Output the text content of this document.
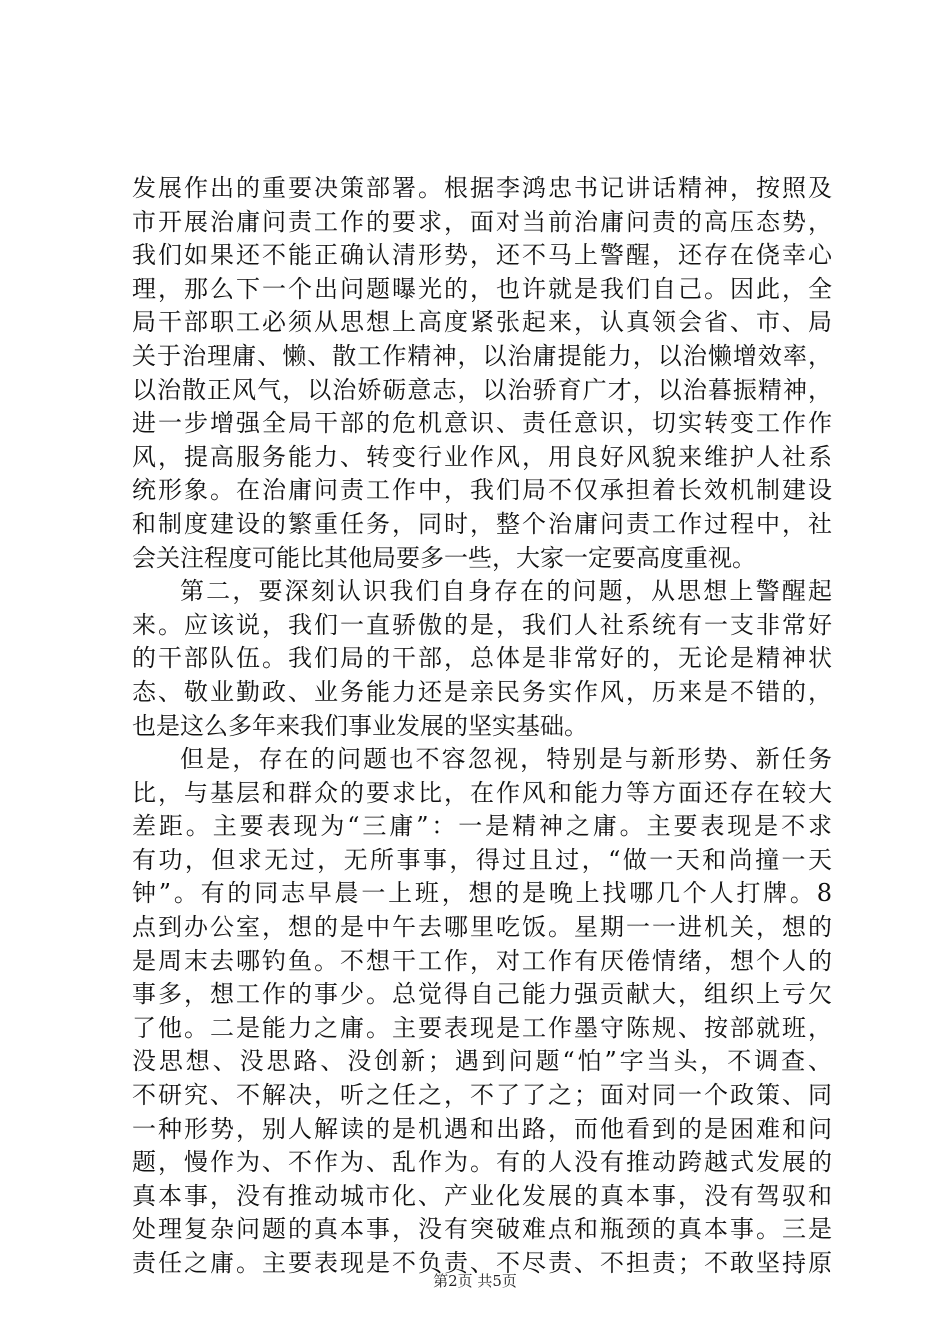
发展作出的重要决策部署。根据李鸿忠书记讲话精神，按照及
市开展治庸问责工作的要求，面对当前治庸问责的高压态势，
我们如果还不能正确认清形势，还不马上警醒，还存在侥幸心
理，那么下一个出问题曝光的，也许就是我们自己。因此，全
局干部职工必须从思想上高度紧张起来，认真领会省、市、局
关于治理庸、懒、散工作精神，以治庸提能力，以治懒增效率，
以治散正风气，以治娇砺意志，以治骄育广才，以治暮振精神，
进一步增强全局干部的危机意识、责任意识，切实转变工作作
风，提高服务能力、转变行业作风，用良好风貌来维护人社系
统形象。在治庸问责工作中，我们局不仅承担着长效机制建设
和制度建设的繁重任务，同时，整个治庸问责工作过程中，社
会关注程度可能比其他局要多一些，大家一定要高度重视。
第二，要深刻认识我们自身存在的问题，从思想上警醒起
来。应该说，我们一直骄傲的是，我们人社系统有一支非常好
的干部队伍。我们局的干部，总体是非常好的，无论是精神状
态、敬业勤政、业务能力还是亲民务实作风，历来是不错的，
也是这么多年来我们事业发展的坚实基础。
但是，存在的问题也不容忽视，特别是与新形势、新任务
比，与基层和群众的要求比，在作风和能力等方面还存在较大
差距。主要表现为“三庸”：一是精神之庸。主要表现是不求
有功，但求无过，无所事事，得过且过，“做一天和尚撞一天
钟”。有的同志早晨一上班，想的是晚上找哪几个人打牌。8
点到办公室，想的是中午去哪里吃饭。星期一一进机关，想的
是周末去哪钓鱼。不想干工作，对工作有厌倦情绪，想个人的
事多，想工作的事少。总觉得自己能力强贡献大，组织上亏欠
了他。二是能力之庸。主要表现是工作墨守陈规、按部就班，
没思想、没思路、没创新；遇到问题“怕”字当头，不调查、
不研究、不解决，听之任之，不了了之；面对同一个政策、同
一种形势，别人解读的是机遇和出路，而他看到的是困难和问
题，慢作为、不作为、乱作为。有的人没有推动跨越式发展的
真本事，没有推动城市化、产业化发展的真本事，没有驾驭和
处理复杂问题的真本事，没有突破难点和瓶颈的真本事。三是
责任之庸。主要表现是不负责、不尽责、不担责；不敢坚持原
第2页 共5页
